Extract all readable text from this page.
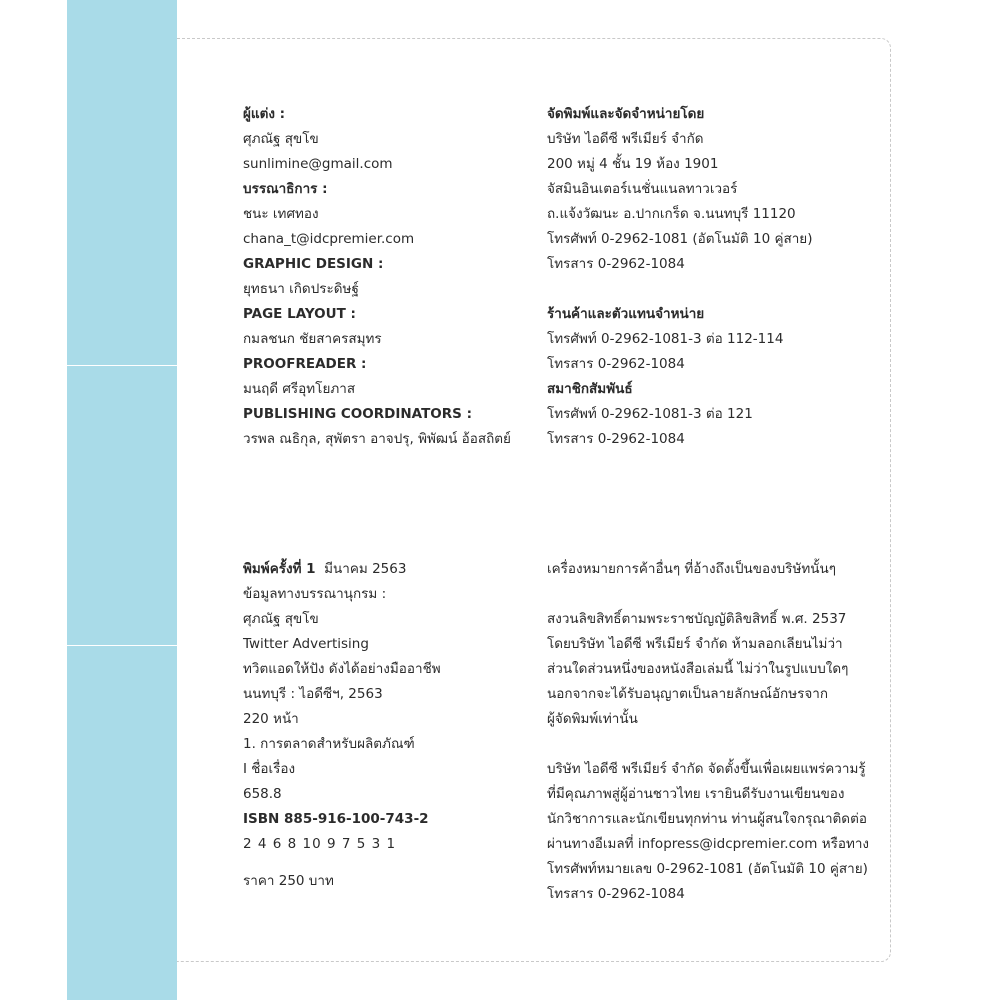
ผู้แต่ง :
ศุภณัฐ สุขโข
sunlimine@gmail.com
บรรณาธิการ :
ชนะ เทศทอง
chana_t@idcpremier.com
GRAPHIC DESIGN :
ยุทธนา เกิดประดิษฐ์
PAGE LAYOUT :
กมลชนก ชัยสาครสมุทร
PROOFREADER :
มนฤดี ศรีอุทโยภาส
PUBLISHING COORDINATORS :
วรพล ณธิกุล, สุพัตรา อาจปรุ, พิพัฒน์ อ้อสถิตย์
จัดพิมพ์และจัดจำหน่ายโดย
บริษัท ไอดีซี พรีเมียร์ จำกัด
200 หมู่ 4 ชั้น 19 ห้อง 1901
จัสมินอินเตอร์เนชั่นแนลทาวเวอร์
ถ.แจ้งวัฒนะ อ.ปากเกร็ด จ.นนทบุรี 11120
โทรศัพท์ 0-2962-1081 (อัตโนมัติ 10 คู่สาย)
โทรสาร 0-2962-1084
ร้านค้าและตัวแทนจำหน่าย
โทรศัพท์ 0-2962-1081-3 ต่อ 112-114
โทรสาร 0-2962-1084
สมาชิกสัมพันธ์
โทรศัพท์ 0-2962-1081-3 ต่อ 121
โทรสาร 0-2962-1084
พิมพ์ครั้งที่ 1 มีนาคม 2563
ข้อมูลทางบรรณานุกรม :
ศุภณัฐ สุขโข
Twitter Advertising
ทวิตแอดให้ปัง ดังได้อย่างมืออาชีพ
นนทบุรี : ไอดีซีฯ, 2563
220 หน้า
1. การตลาดสำหรับผลิตภัณฑ์
I ชื่อเรื่อง
658.8
ISBN 885-916-100-743-2
2 4 6 8 10 9 7 5 3 1
ราคา 250 บาท
เครื่องหมายการค้าอื่นๆ ที่อ้างถึงเป็นของบริษัทนั้นๆ
สงวนลิขสิทธิ์ตามพระราชบัญญัติลิขสิทธิ์ พ.ศ. 2537
โดยบริษัท ไอดีซี พรีเมียร์ จำกัด ห้ามลอกเลียนไม่ว่า
ส่วนใดส่วนหนึ่งของหนังสือเล่มนี้ ไม่ว่าในรูปแบบใดๆ
นอกจากจะได้รับอนุญาตเป็นลายลักษณ์อักษรจาก
ผู้จัดพิมพ์เท่านั้น
บริษัท ไอดีซี พรีเมียร์ จำกัด จัดตั้งขึ้นเพื่อเผยแพร่ความรู้
ที่มีคุณภาพสู่ผู้อ่านชาวไทย เรายินดีรับงานเขียนของ
นักวิชาการและนักเขียนทุกท่าน ท่านผู้สนใจกรุณาติดต่อ
ผ่านทางอีเมลที่ infopress@idcpremier.com หรือทาง
โทรศัพท์หมายเลข 0-2962-1081 (อัตโนมัติ 10 คู่สาย)
โทรสาร 0-2962-1084
